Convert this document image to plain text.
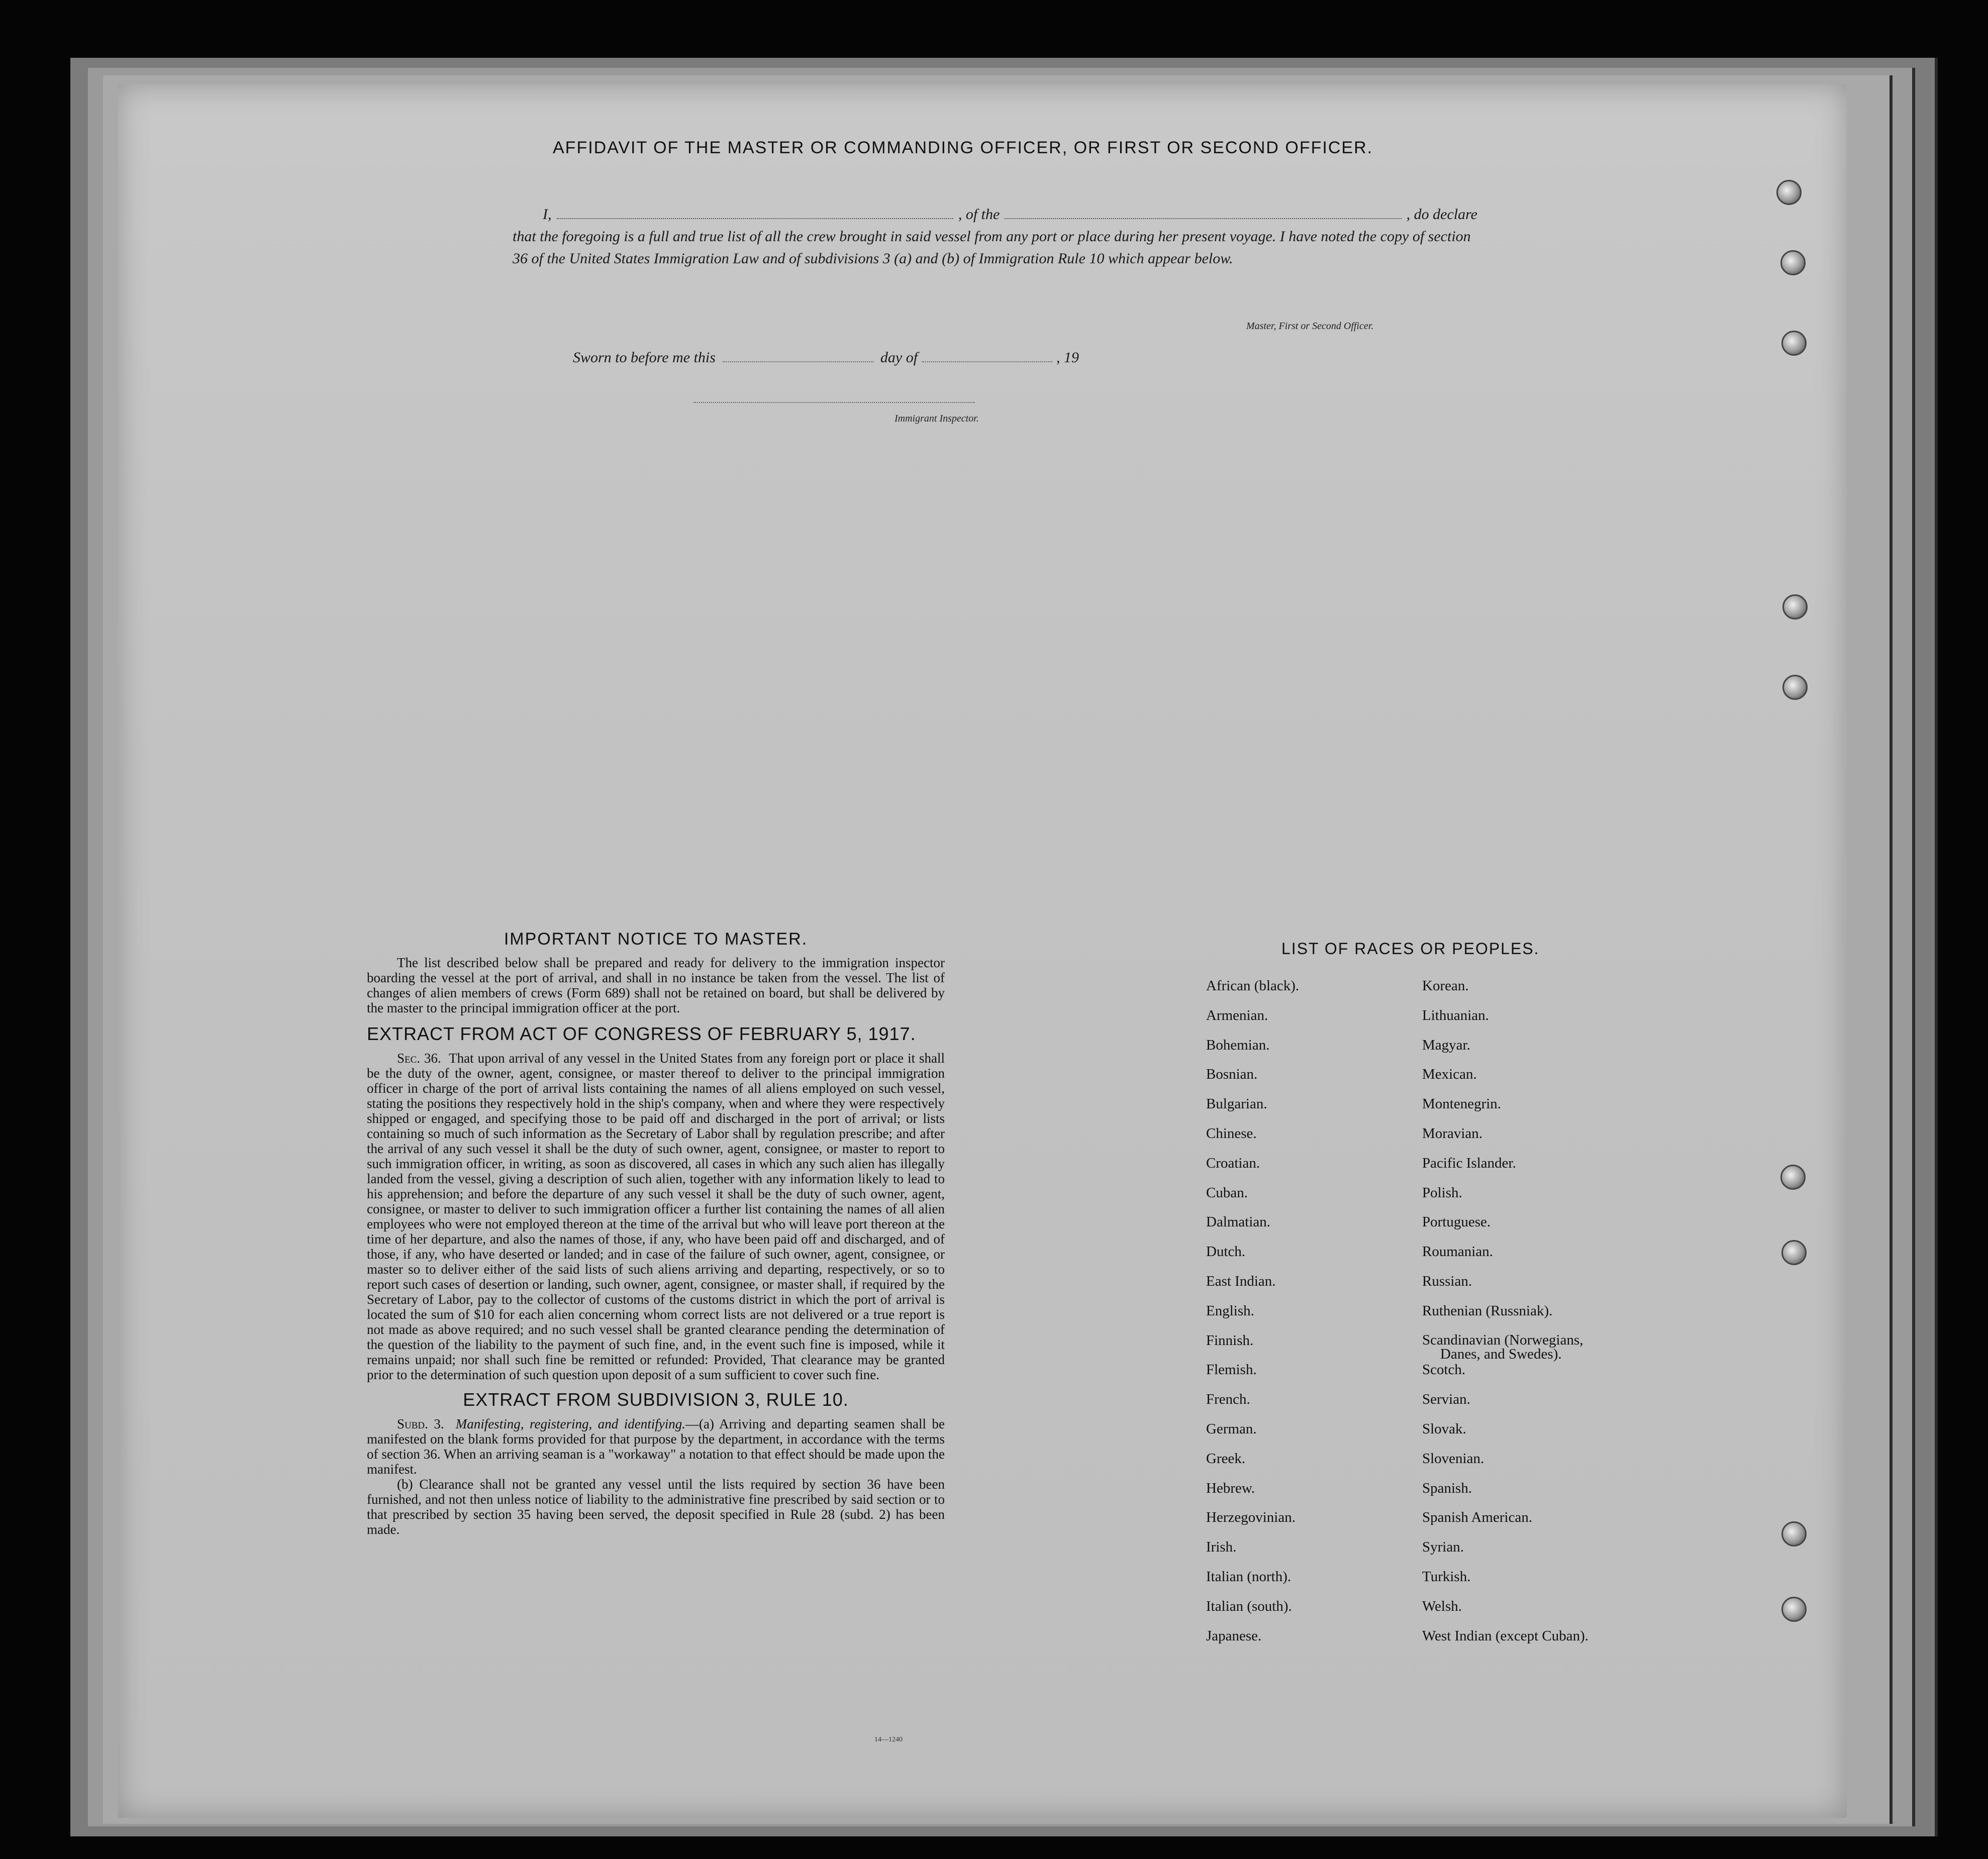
AFFIDAVIT OF THE MASTER OR COMMANDING OFFICER, OR FIRST OR SECOND OFFICER.
I,	, of the	, do declare
that the foregoing is a full and true list of all the crew brought in said vessel from any port or place during her present voyage. I have noted the copy of section 36 of the United States Immigration Law and of subdivisions 3 (a) and (b) of Immigration Rule 10 which appear below.
Master, First or Second Officer.
Sworn to before me this	day of	, 19
Immigrant Inspector.
IMPORTANT NOTICE TO MASTER.

The list described below shall be prepared and ready for delivery to the immigration inspector boarding the vessel at the port of arrival, and shall in no instance be taken from the vessel. The list of changes of alien members of crews (Form 689) shall not be retained on board, but shall be delivered by the master to the principal immigration officer at the port.

EXTRACT FROM ACT OF CONGRESS OF FEBRUARY 5, 1917.

Sec. 36. That upon arrival of any vessel in the United States from any foreign port or place it shall be the duty of the owner, agent, consignee, or master thereof to deliver to the principal immigration officer in charge of the port of arrival lists containing the names of all aliens employed on such vessel, stating the positions they respectively hold in the ship's company, when and where they were respectively shipped or engaged, and specifying those to be paid off and discharged in the port of arrival; or lists containing so much of such information as the Secretary of Labor shall by regulation prescribe; and after the arrival of any such vessel it shall be the duty of such owner, agent, consignee, or master to report to such immigration officer, in writing, as soon as discovered, all cases in which any such alien has illegally landed from the vessel, giving a description of such alien, together with any information likely to lead to his apprehension; and before the departure of any such vessel it shall be the duty of such owner, agent, consignee, or master to deliver to such immigration officer a further list containing the names of all alien employees who were not employed thereon at the time of the arrival but who will leave port thereon at the time of her departure, and also the names of those, if any, who have been paid off and discharged, and of those, if any, who have deserted or landed; and in case of the failure of such owner, agent, consignee, or master so to deliver either of the said lists of such aliens arriving and departing, respectively, or so to report such cases of desertion or landing, such owner, agent, consignee, or master shall, if required by the Secretary of Labor, pay to the collector of customs of the customs district in which the port of arrival is located the sum of $10 for each alien concerning whom correct lists are not delivered or a true report is not made as above required; and no such vessel shall be granted clearance pending the determination of the question of the liability to the payment of such fine, and, in the event such fine is imposed, while it remains unpaid; nor shall such fine be remitted or refunded: Provided, That clearance may be granted prior to the determination of such question upon deposit of a sum sufficient to cover such fine.

EXTRACT FROM SUBDIVISION 3, RULE 10.

Subd. 3. Manifesting, registering, and identifying.—(a) Arriving and departing seamen shall be manifested on the blank forms provided for that purpose by the department, in accordance with the terms of section 36. When an arriving seaman is a "workaway" a notation to that effect should be made upon the manifest.

(b) Clearance shall not be granted any vessel until the lists required by section 36 have been furnished, and not then unless notice of liability to the administrative fine prescribed by said section or to that prescribed by section 35 having been served, the deposit specified in Rule 28 (subd. 2) has been made.

14—1240
LIST OF RACES OR PEOPLES.
African (black).	Korean.
Armenian.	Lithuanian.
Bohemian.	Magyar.
Bosnian.	Mexican.
Bulgarian.	Montenegrin.
Chinese.	Moravian.
Croatian.	Pacific Islander.
Cuban.	Polish.
Dalmatian.	Portuguese.
Dutch.	Roumanian.
East Indian.	Russian.
English.	Ruthenian (Russniak).
Finnish.	Scandinavian (Norwegians,
Danes, and Swedes).
Flemish.	Scotch.
French.	Servian.
German.	Slovak.
Greek.	Slovenian.
Hebrew.	Spanish.
Herzegovinian.	Spanish American.
Irish.	Syrian.
Italian (north).	Turkish.
Italian (south).	Welsh.
Japanese.	West Indian (except Cuban).
